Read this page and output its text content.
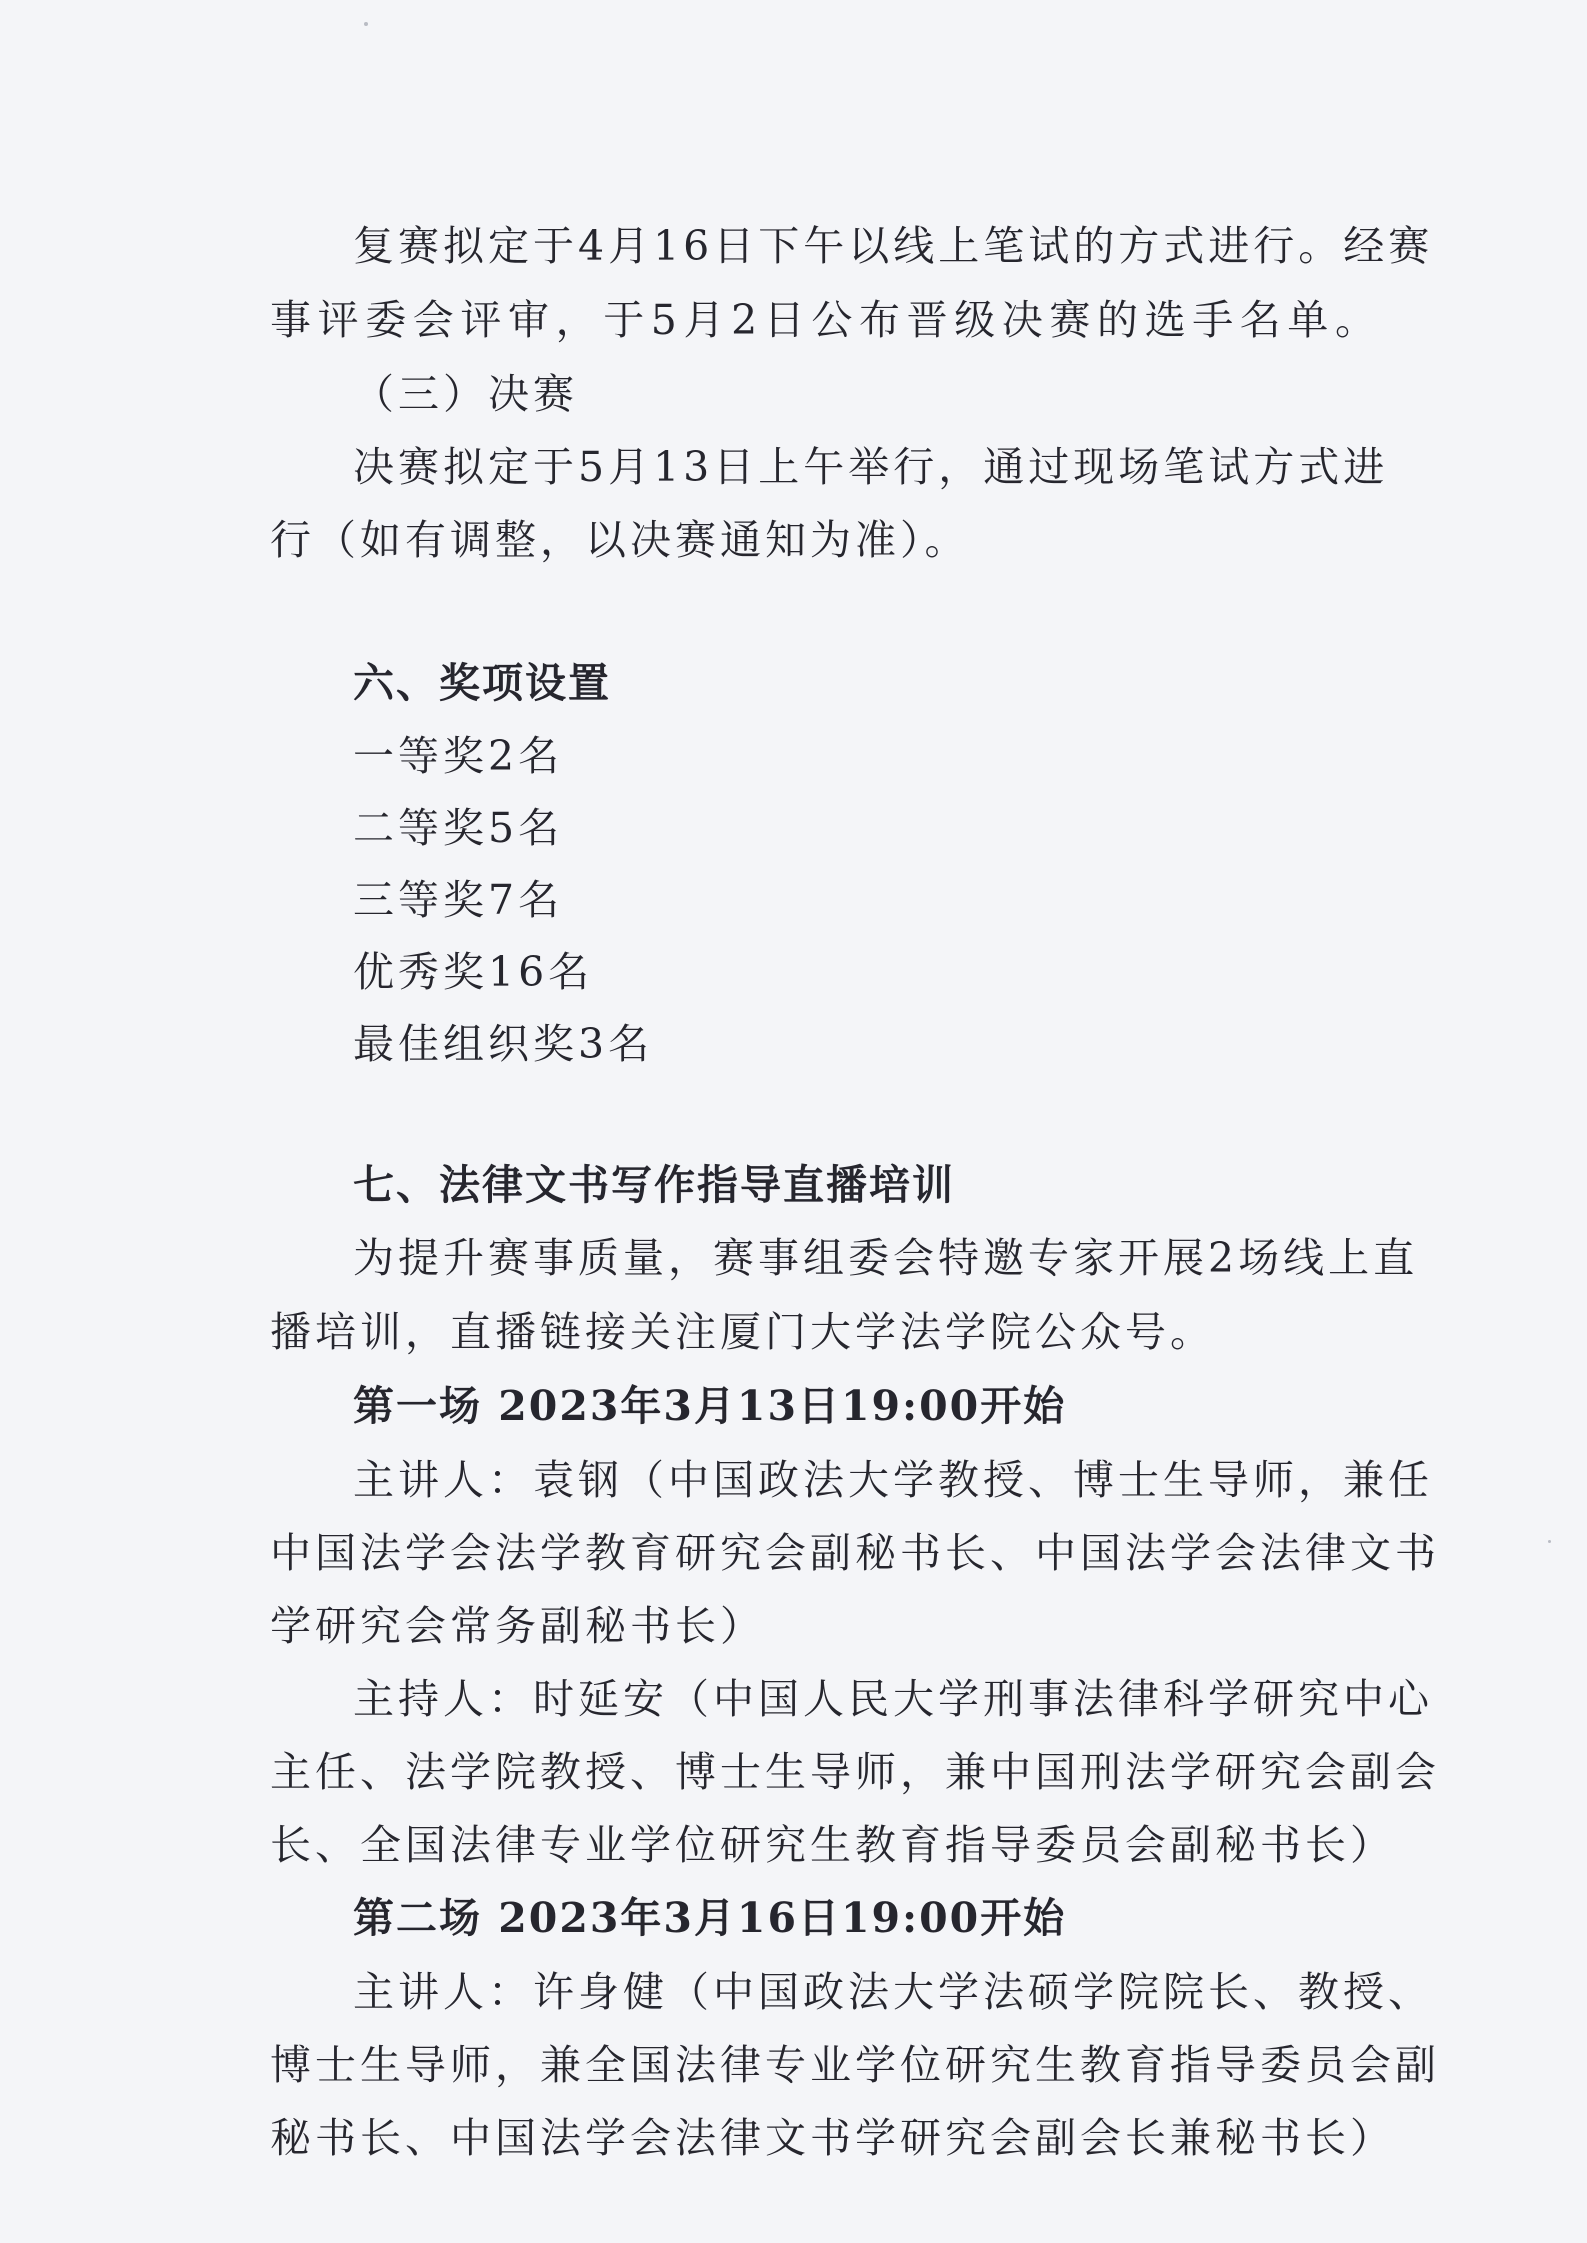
复赛拟定于4月16日下午以线上笔试的方式进行。经赛
事评委会评审，于5月2日公布晋级决赛的选手名单。
（三）决赛
决赛拟定于5月13日上午举行，通过现场笔试方式进
行（如有调整，以决赛通知为准）。
六、奖项设置
一等奖2名
二等奖5名
三等奖7名
优秀奖16名
最佳组织奖3名
七、法律文书写作指导直播培训
为提升赛事质量，赛事组委会特邀专家开展2场线上直
播培训，直播链接关注厦门大学法学院公众号。
第一场 2023年3月13日19:00开始
主讲人：袁钢（中国政法大学教授、博士生导师，兼任
中国法学会法学教育研究会副秘书长、中国法学会法律文书
学研究会常务副秘书长）
主持人：时延安（中国人民大学刑事法律科学研究中心
主任、法学院教授、博士生导师，兼中国刑法学研究会副会
长、全国法律专业学位研究生教育指导委员会副秘书长）
第二场 2023年3月16日19:00开始
主讲人：许身健（中国政法大学法硕学院院长、教授、
博士生导师，兼全国法律专业学位研究生教育指导委员会副
秘书长、中国法学会法律文书学研究会副会长兼秘书长）
